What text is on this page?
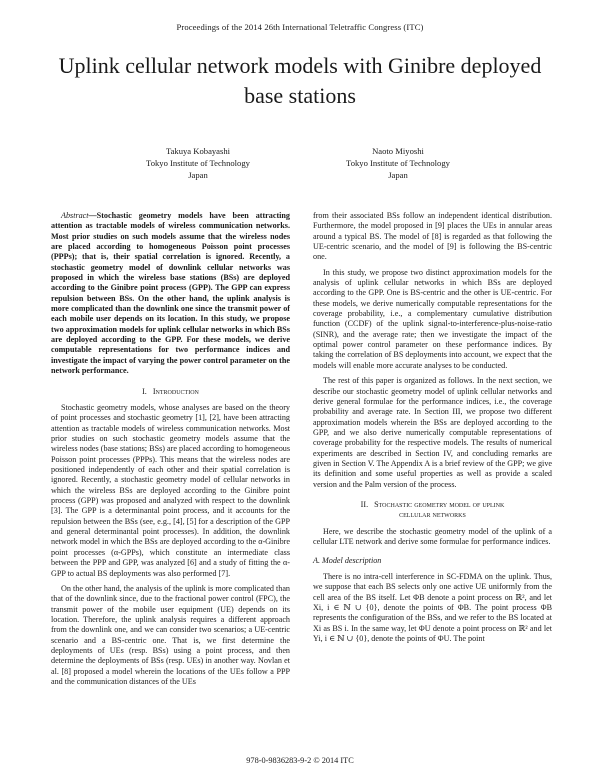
Proceedings of the 2014 26th International Teletraffic Congress (ITC)
Uplink cellular network models with Ginibre deployed base stations
Takuya Kobayashi
Tokyo Institute of Technology
Japan
Naoto Miyoshi
Tokyo Institute of Technology
Japan

Abstract—Stochastic geometry models have been attracting attention as tractable models of wireless communication networks. Most prior studies on such models assume that the wireless nodes are placed according to homogeneous Poisson point processes (PPPs); that is, their spatial correlation is ignored. Recently, a stochastic geometry model of downlink cellular networks was proposed in which the wireless base stations (BSs) are deployed according to the Ginibre point process (GPP). The GPP can express repulsion between BSs. On the other hand, the uplink analysis is more complicated than the downlink one since the transmit power of each mobile user depends on its location. In this study, we propose two approximation models for uplink cellular networks in which BSs are deployed according to the GPP. For these models, we derive computable representations for two performance indices and investigate the impact of varying the power control parameter on the network performance.

I. Introduction

Stochastic geometry models, whose analyses are based on the theory of point processes and stochastic geometry [1], [2], have been attracting attention as tractable models of wireless communication networks. Most prior studies on such stochastic geometry models assume that the wireless nodes (base stations; BSs) are placed according to homogeneous Poisson point processes (PPPs). This means that the wireless nodes are positioned independently of each other and their spatial correlation is ignored. Recently, a stochastic geometry model of cellular networks in which the wireless BSs are deployed according to the Ginibre point process (GPP) was proposed and analyzed with respect to the downlink [3]. The GPP is a determinantal point process, and it accounts for the repulsion between the BSs (see, e.g., [4], [5] for a description of the GPP and general determinantal point processes). In addition, the downlink network model in which the BSs are deployed according to the α-Ginibre point processes (α-GPPs), which constitute an intermediate class between the PPP and GPP, was analyzed [6] and a study of fitting the α-GPP to actual BS deployments was also performed [7].

On the other hand, the analysis of the uplink is more complicated than that of the downlink since, due to the fractional power control (FPC), the transmit power of the mobile user equipment (UE) depends on its location. Therefore, the uplink analysis requires a different approach from the downlink one, and we can consider two scenarios; a UE-centric scenario and a BS-centric one. That is, we first determine the deployments of UEs (resp. BSs) using a point process, and then determine the deployments of BSs (resp. UEs) in another way. Novlan et al. [8] proposed a model wherein the locations of the UEs follow a PPP and the communication distances of the UEs

from their associated BSs follow an independent identical distribution. Furthermore, the model proposed in [9] places the UEs in annular areas around a typical BS. The model of [8] is regarded as that following the UE-centric scenario, and the model of [9] is following the BS-centric one.

In this study, we propose two distinct approximation models for the analysis of uplink cellular networks in which BSs are deployed according to the GPP. One is BS-centric and the other is UE-centric. For these models, we derive numerically computable representations for the coverage probability, i.e., a complementary cumulative distribution function (CCDF) of the uplink signal-to-interference-plus-noise-ratio (SINR), and the average rate; then we investigate the impact of the optimal power control parameter on these performance indices. By taking the correlation of BS deployments into account, we expect that the models will enable more accurate analyses to be conducted.

The rest of this paper is organized as follows. In the next section, we describe our stochastic geometry model of uplink cellular networks and derive general formulae for the performance indices, i.e., the coverage probability and average rate. In Section III, we propose two different approximation models wherein the BSs are deployed according to the GPP, and we also derive numerically computable representations of coverage probability for the respective models. The results of numerical experiments are described in Section IV, and concluding remarks are given in Section V. The Appendix A is a brief review of the GPP; we give its definition and some useful properties as well as provide a scaled version and the Palm version of the process.

II. Stochastic geometry model of uplink
cellular networks

Here, we describe the stochastic geometry model of the uplink of a cellular LTE network and derive some formulae for performance indices.

A. Model description

There is no intra-cell interference in SC-FDMA on the uplink. Thus, we suppose that each BS selects only one active UE uniformly from the cell area of the BS itself. Let ΦB denote a point process on ℝ², and let Xi, i ∈ ℕ ∪ {0}, denote the points of ΦB. The point process ΦB represents the configuration of the BSs, and we refer to the BS located at Xi as BS i. In the same way, let ΦU denote a point process on ℝ² and let Yi, i ∈ ℕ ∪ {0}, denote the points of ΦU. The point

978-0-9836283-9-2 © 2014 ITC
